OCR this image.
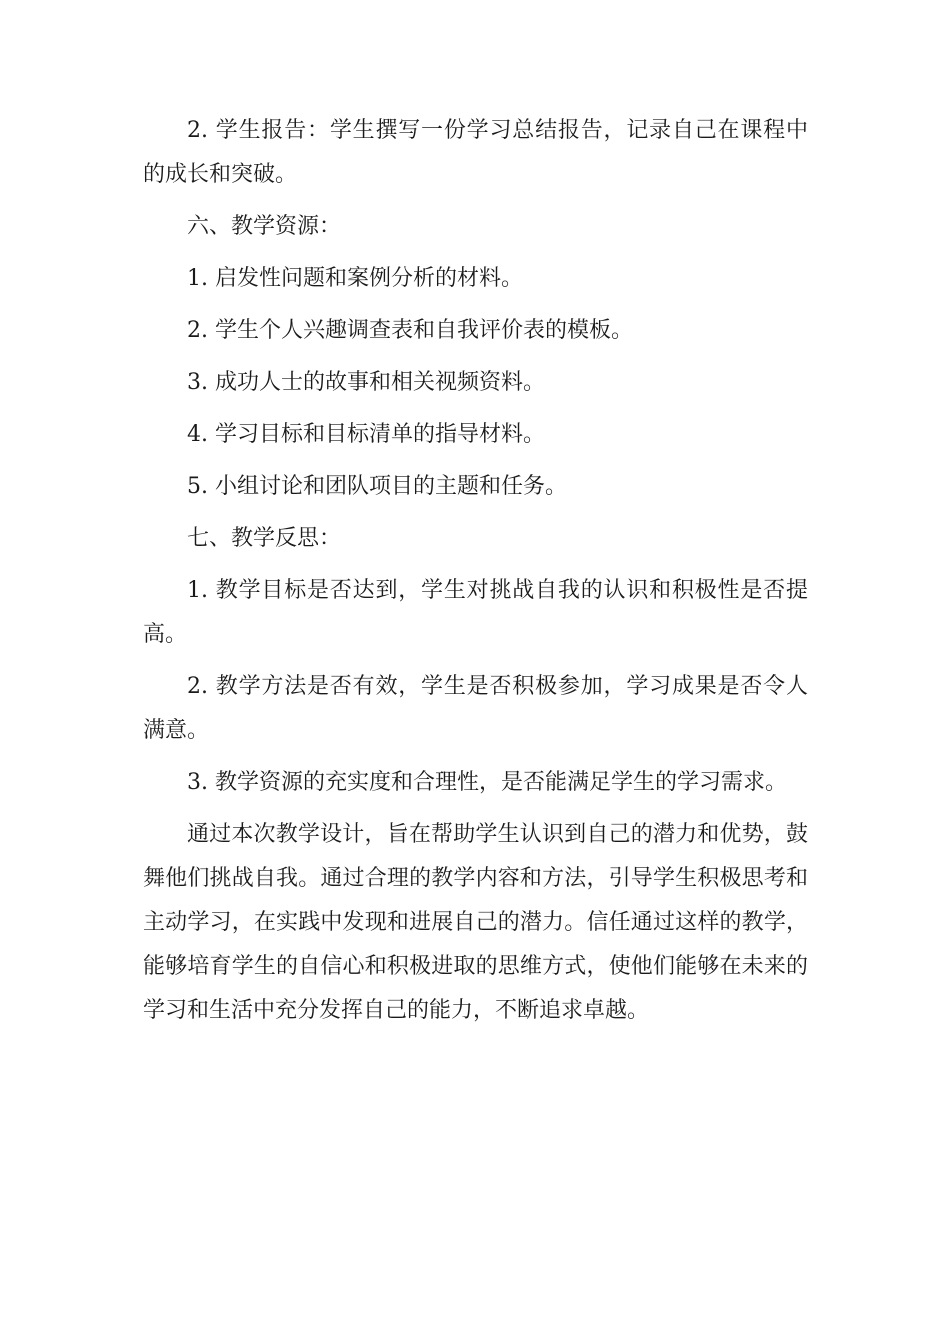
2. 学生报告：学生撰写一份学习总结报告，记录自己在课程中的成长和突破。

六、教学资源：

1. 启发性问题和案例分析的材料。

2. 学生个人兴趣调查表和自我评价表的模板。

3. 成功人士的故事和相关视频资料。

4. 学习目标和目标清单的指导材料。

5. 小组讨论和团队项目的主题和任务。

七、教学反思：

1. 教学目标是否达到，学生对挑战自我的认识和积极性是否提高。

2. 教学方法是否有效，学生是否积极参加，学习成果是否令人满意。

3. 教学资源的充实度和合理性，是否能满足学生的学习需求。

通过本次教学设计，旨在帮助学生认识到自己的潜力和优势，鼓舞他们挑战自我。通过合理的教学内容和方法，引导学生积极思考和主动学习，在实践中发现和进展自己的潜力。信任通过这样的教学，能够培育学生的自信心和积极进取的思维方式，使他们能够在未来的学习和生活中充分发挥自己的能力，不断追求卓越。
